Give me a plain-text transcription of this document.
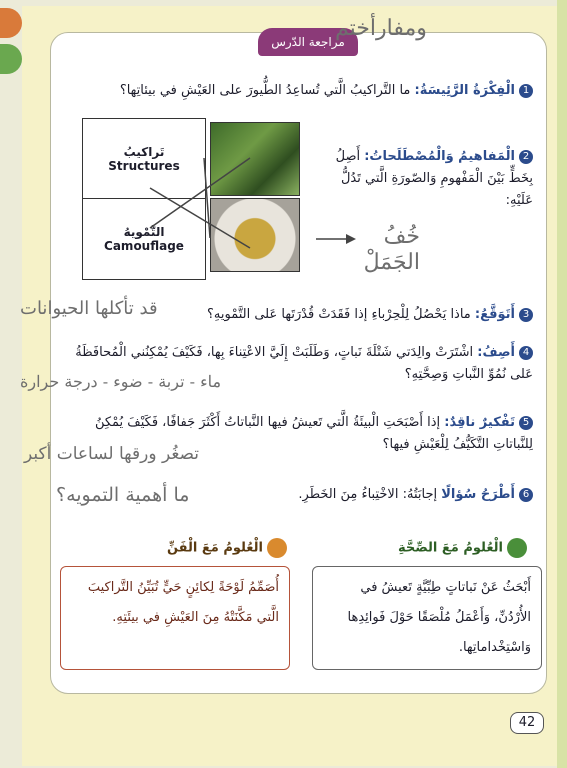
مراجعة الدّرس
ومفارأختم
1الْفِكْرَةُ الرَّئِيسَةُ: ما التَّراكيبُ الَّتي تُساعِدُ الطُّيورَ على العَيْشِ في بيئاتِها؟
2الْمَفاهيمُ وَالْمُصْطَلَحاتُ: أَصِلُ بِخَطٍّ بَيْنَ الْمَفْهومِ وَالصّورَةِ الَّتي تَدُلُّ عَلَيْهِ:
تَراكيبُ
Structures
التَّمْويهُ
Camouflage	خُفُ الجَمَلْ
3أَتَوَقَّعُ: ماذا يَحْصُلُ لِلْحِرْباءِ إذا فَقَدَتْ قُدْرَتَها عَلى التَّمْويهِ؟
قد تأكلها الحيوانات
4أَصِفُ: اشْتَرَتْ والِدَتي شَتْلَةَ نَباتٍ، وَطَلَبَتْ إِلَيَّ الاعْتِناءَ بِها، فَكَيْفَ يُمْكِنُني الْمُحافَظَةُ عَلى نُمُوِّ النَّباتِ وَصِحَّتِهِ؟
ماء - تربة - ضوء - درجة حرارة
5تَفْكيرٌ ناقِدٌ: إذا أَصْبَحَتِ الْبيئَةُ الَّتي تَعيشُ فيها النَّباتاتُ أَكْثَرَ جَفافًا، فَكَيْفَ يُمْكِنُ لِلنَّباتاتِ التَّكَيُّفُ لِلْعَيْشِ فيها؟
تصغُر ورقها لساعات أكبر
6أَطْرَحُ سُؤالًا إجابَتُهُ: الاخْتِباءُ مِنَ الخَطَرِ.
ما أهمية التمويه؟
الْعُلومُ مَعَ الصِّحَّةِ
أَبْحَثُ عَنْ نَباتاتٍ طِبِّيَّةٍ تَعيشُ في الأُرْدُنِّ، وَأَعْمَلُ مُلْصَقًا حَوْلَ فَوائِدِها وَاسْتِخْداماتِها.
الْعُلومُ مَعَ الْفَنِّ
أُصَمِّمُ لَوْحَةً لِكائِنٍ حَيٍّ تُبَيِّنُ التَّراكيبَ الَّتي مَكَّنَتْهُ مِنَ العَيْشِ في بيئَتِهِ.
42
